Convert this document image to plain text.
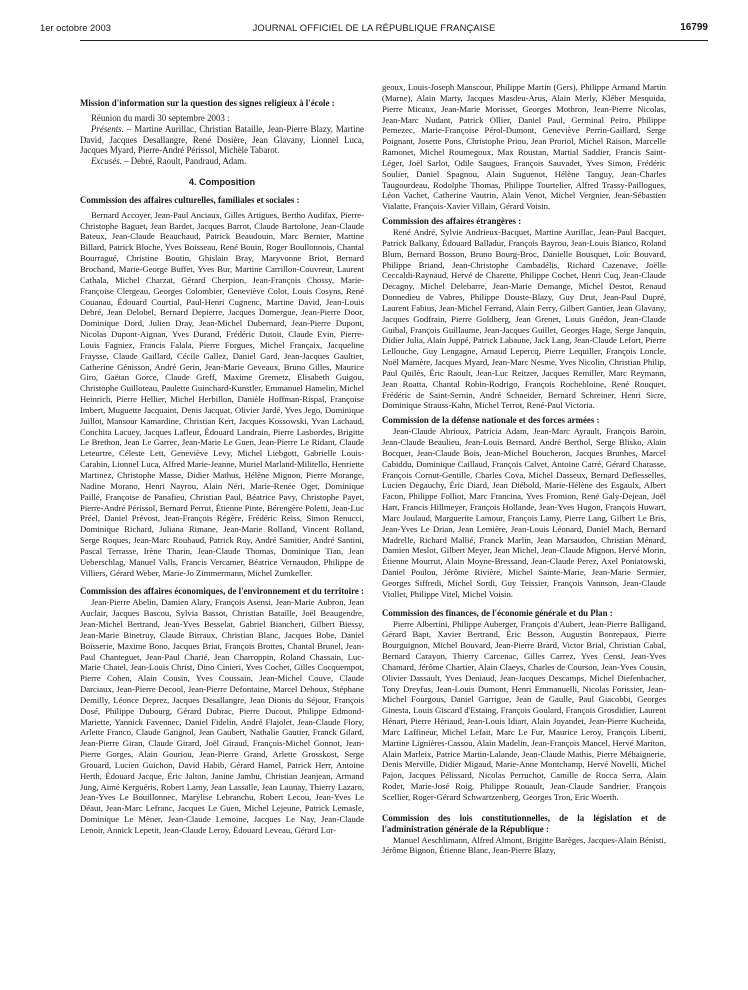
1er octobre 2003	JOURNAL OFFICIEL DE LA RÉPUBLIQUE FRANÇAISE	16799

Mission d'information sur la question des signes religieux à l'école :

Réunion du mardi 30 septembre 2003 :

Présents. – Martine Aurillac, Christian Bataille, Jean-Pierre Blazy, Martine David, Jacques Desallangre, René Dosière, Jean Glavany, Lionnel Luca, Jacques Myard, Pierre-André Périssol, Michèle Tabarot.

Excusés. – Debré, Raoult, Pandraud, Adam.

4. Composition

Commission des affaires culturelles, familiales et sociales :

Bernard Accoyer, Jean-Paul Anciaux, Gilles Artigues, Bertho Audifax, Pierre-Christophe Baguet, Jean Bardet, Jacques Barrot, Claude Bartolone, Jean-Claude Bateux, Jean-Claude Beauchaud, Patrick Beaudouin, Marc Bernier, Martine Billard, Patrick Bloche, Yves Boisseau, René Bouin, Roger Boullonnois, Chantal Bourragué, Christine Boutin, Ghislain Bray, Maryvonne Briot, Bernard Brochand, Marie-George Buffet, Yves Bur, Martine Carrillon-Couvreur, Laurent Cathala, Michel Charzat, Gérard Cherpion, Jean-François Chossy, Marie-Françoise Clergeau, Georges Colombier, Geneviève Colot, Louis Cosyns, René Couanau, Édouard Courtial, Paul-Henri Cugnenc, Martine David, Jean-Louis Debré, Jean Delobel, Bernard Depierre, Jacques Domergue, Jean-Pierre Door, Dominique Dord, Julien Dray, Jean-Michel Dubernard, Jean-Pierre Dupont, Nicolas Dupont-Aignan, Yves Durand, Frédéric Dutoit, Claude Evin, Pierre-Louis Fagniez, Francis Falala, Pierre Forgues, Michel Françaix, Jacqueline Fraysse, Claude Gaillard, Cécile Gallez, Daniel Gard, Jean-Jacques Gaultier, Catherine Génisson, André Gerin, Jean-Marie Geveaux, Bruno Gilles, Maurice Giro, Gaëtan Gorce, Claude Greff, Maxime Gremetz, Elisabeth Guigou, Christophe Guilloteau, Paulette Guinchard-Kunstler, Emmanuel Hamelin, Michel Heinrich, Pierre Hellier, Michel Herbillon, Danièle Hoffman-Rispal, Françoise Imbert, Muguette Jacquaint, Denis Jacquat, Olivier Jardé, Yves Jego, Dominique Juillot, Mansour Kamardine, Christian Kert, Jacques Kossowski, Yvan Lachaud, Conchita Lacuey, Jacques Lafleur, Édouard Landrain, Pierre Lasbordes, Brigitte Le Brethon, Jean Le Garrec, Jean-Marie Le Guen, Jean-Pierre Le Ridant, Claude Leteurtre, Céleste Lett, Geneviève Levy, Michel Liebgott, Gabrielle Louis-Carabin, Lionnel Luca, Alfred Marie-Jeanne, Muriel Marland-Militello, Henriette Martinez, Christophe Masse, Didier Mathus, Hélène Mignon, Pierre Morange, Nadine Morano, Henri Nayrou, Alain Néri, Marie-Renée Oget, Dominique Paillé, Françoise de Panafieu, Christian Paul, Béatrice Pavy, Christophe Payet, Pierre-André Périssol, Bernard Perrut, Étienne Pinte, Bérengère Poletti, Jean-Luc Préel, Daniel Prévost, Jean-François Régère, Frédéric Reiss, Simon Renucci, Dominique Richard, Juliana Rimane, Jean-Marie Rolland, Vincent Rolland, Serge Roques, Jean-Marc Roubaud, Patrick Roy, André Samitier, André Santini, Pascal Terrasse, Irène Tharin, Jean-Claude Thomas, Dominique Tian, Jean Ueberschlag, Manuel Valls, Francis Vercamer, Béatrice Vernaudon, Philippe de Villiers, Gérard Weber, Marie-Jo Zimmermann, Michel Zumkeller.

Commission des affaires économiques, de l'environnement et du territoire :

Jean-Pierre Abelin, Damien Alary, François Asensi, Jean-Marie Aubron, Jean Auclair, Jacques Bascou, Sylvia Bassot, Christian Bataille, Joël Beaugendre, Jean-Michel Bertrand, Jean-Yves Besselat, Gabriel Biancheri, Gilbert Biessy, Jean-Marie Binetruy, Claude Birraux, Christian Blanc, Jacques Bobe, Daniel Boisserie, Maxime Bono, Jacques Briat, François Brottes, Chantal Brunel, Jean-Paul Chanteguet, Jean-Paul Charié, Jean Charroppin, Roland Chassain, Luc-Marie Chatel, Jean-Louis Christ, Dino Cinieri, Yves Cochet, Gilles Cocquempot, Pierre Cohen, Alain Cousin, Yves Coussain, Jean-Michel Couve, Claude Darciaux, Jean-Pierre Decool, Jean-Pierre Defontaine, Marcel Dehoux, Stéphane Demilly, Léonce Deprez, Jacques Desallangre, Jean Dionis du Séjour, François Dosé, Philippe Dubourg, Gérard Dubrac, Pierre Ducout, Philippe Edmond-Mariette, Yannick Favennec, Daniel Fidelin, André Flajolet, Jean-Claude Flory, Arlette Franco, Claude Gatignol, Jean Gaubert, Nathalie Gautier, Franck Gilard, Jean-Pierre Giran, Claude Girard, Joël Giraud, François-Michel Gonnot, Jean-Pierre Gorges, Alain Gouriou, Jean-Pierre Grand, Arlette Grosskost, Serge Grouard, Lucien Guichon, David Habib, Gérard Hamel, Patrick Herr, Antoine Herth, Édouard Jacque, Éric Jalton, Janine Jambu, Christian Jeanjean, Armand Jung, Aimé Kerguéris, Robert Lamy, Jean Lassalle, Jean Launay, Thierry Lazaro, Jean-Yves Le Bouillonnec, Marylise Lebranchu, Robert Lecou, Jean-Yves Le Déaut, Jean-Marc Lefranc, Jacques Le Guen, Michel Lejeune, Patrick Lemasle, Dominique Le Mèner, Jean-Claude Lemoine, Jacques Le Nay, Jean-Claude Lenoir, Annick Lepetit, Jean-Claude Leroy, Édouard Leveau, Gérard Lor-

geoux, Louis-Joseph Manscour, Philippe Martin (Gers), Philippe Armand Martin (Marne), Alain Marty, Jacques Masdeu-Arus, Alain Merly, Kléber Mesquida, Pierre Micaux, Jean-Marie Morisset, Georges Mothron, Jean-Pierre Nicolas, Jean-Marc Nudant, Patrick Ollier, Daniel Paul, Germinal Peiro, Philippe Pemezec, Marie-Françoise Pérol-Dumont, Geneviève Perrin-Gaillard, Serge Poignant, Josette Pons, Christophe Priou, Jean Proriol, Michel Raison, Marcelle Ramonet, Michel Roumegoux, Max Roustan, Martial Saddier, Francis Saint-Léger, Joël Sarlot, Odile Saugues, François Sauvadet, Yves Simon, Frédéric Soulier, Daniel Spagnou, Alain Suguenot, Hélène Tanguy, Jean-Charles Taugourdeau, Rodolphe Thomas, Philippe Tourtelier, Alfred Trassy-Paillogues, Léon Vachet, Catherine Vautrin, Alain Venot, Michel Vergnier, Jean-Sébastien Vialatte, François-Xavier Villain, Gérard Voisin.

Commission des affaires étrangères :

René André, Sylvie Andrieux-Bacquet, Martine Aurillac, Jean-Paul Bacquet, Patrick Balkany, Édouard Balladur, François Bayrou, Jean-Louis Bianco, Roland Blum, Bernard Bosson, Bruno Bourg-Broc, Danielle Bousquet, Loïc Bouvard, Philippe Briand, Jean-Christophe Cambadélis, Richard Cazenave, Joëlle Ceccaldi-Raynaud, Hervé de Charette, Philippe Cochet, Henri Cuq, Jean-Claude Decagny, Michel Delebarre, Jean-Marie Demange, Michel Destot, Renaud Donnedieu de Vabres, Philippe Douste-Blazy, Guy Drut, Jean-Paul Dupré, Laurent Fabius, Jean-Michel Ferrand, Alain Ferry, Gilbert Gantier, Jean Glavany, Jacques Godfrain, Pierre Goldberg, Jean Grenet, Louis Guédon, Jean-Claude Guibal, François Guillaume, Jean-Jacques Guillet, Georges Hage, Serge Janquin, Didier Julia, Alain Juppé, Patrick Labaune, Jack Lang, Jean-Claude Lefort, Pierre Lellouche, Guy Lengagne, Arnaud Lepercq, Pierre Lequiller, François Loncle, Noël Mamère, Jacques Myard, Jean-Marc Nesme, Yves Nicolin, Christian Philip, Paul Quilès, Éric Raoult, Jean-Luc Reitzer, Jacques Remiller, Marc Reymann, Jean Roatta, Chantal Robin-Rodrigo, François Rochebloine, René Rouquet, Frédéric de Saint-Sernin, André Schneider, Bernard Schreiner, Henri Sicre, Dominique Strauss-Kahn, Michel Terrot, René-Paul Victoria.

Commission de la défense nationale et des forces armées :

Jean-Claude Abrioux, Patricia Adam, Jean-Marc Ayrault, François Baroin, Jean-Claude Beaulieu, Jean-Louis Bernard, André Berthol, Serge Blisko, Alain Bocquet, Jean-Claude Bois, Jean-Michel Boucheron, Jacques Brunhes, Marcel Cabiddu, Dominique Caillaud, François Calvet, Antoine Carré, Gérard Charasse, François Cornut-Gentille, Charles Cova, Michel Dasseux, Bernard Deflesselles, Lucien Degauchy, Éric Diard, Jean Diébold, Marie-Hélène des Esgaulx, Albert Facon, Philippe Folliot, Marc Francina, Yves Fromion, René Galy-Dejean, Joël Hart, Francis Hillmeyer, François Hollande, Jean-Yves Hugon, François Huwart, Marc Joulaud, Marguerite Lamour, François Lamy, Pierre Lang, Gilbert Le Bris, Jean-Yves Le Drian, Jean Lemière, Jean-Louis Léonard, Daniel Mach, Bernard Madrelle, Richard Mallié, Franck Marlin, Jean Marsaudon, Christian Ménard, Damien Meslot, Gilbert Meyer, Jean Michel, Jean-Claude Mignon, Hervé Morin, Étienne Mourrut, Alain Moyne-Bressand, Jean-Claude Perez, Axel Poniatowski, Daniel Poulou, Jérôme Rivière, Michel Sainte-Marie, Jean-Marie Sermier, Georges Siffredi, Michel Sordi, Guy Teissier, François Vannson, Jean-Claude Viollet, Philippe Vitel, Michel Voisin.

Commission des finances, de l'économie générale et du Plan :

Pierre Albertini, Philippe Auberger, François d'Aubert, Jean-Pierre Balligand, Gérard Bapt, Xavier Bertrand, Éric Besson, Augustin Bonrepaux, Pierre Bourguignon, Michel Bouvard, Jean-Pierre Brard, Victor Brial, Christian Cabal, Bernard Carayon, Thierry Carcenac, Gilles Carrez, Yves Censi, Jean-Yves Chamard, Jérôme Chartier, Alain Claeys, Charles de Courson, Jean-Yves Cousin, Olivier Dassault, Yves Deniaud, Jean-Jacques Descamps, Michel Diefenbacher, Tony Dreyfus, Jean-Louis Dumont, Henri Emmanuelli, Nicolas Forissier, Jean-Michel Fourgous, Daniel Garrigue, Jean de Gaulle, Paul Giacobbi, Georges Ginesta, Louis Giscard d'Estaing, François Goulard, François Grosdidier, Laurent Hénart, Pierre Hériaud, Jean-Louis Idiart, Alain Joyandet, Jean-Pierre Kucheida, Marc Laffineur, Michel Lefait, Marc Le Fur, Maurice Leroy, François Liberti, Martine Lignières-Cassou, Alain Madelin, Jean-François Mancel, Hervé Mariton, Alain Marleix, Patrice Martin-Lalande, Jean-Claude Mathis, Pierre Méhaignerie, Denis Merville, Didier Migaud, Marie-Anne Montchamp, Hervé Novelli, Michel Pajon, Jacques Pélissard, Nicolas Perruchot, Camille de Rocca Serra, Alain Rodet, Marie-José Roig, Philippe Rouault, Jean-Claude Sandrier, François Scellier, Roger-Gérard Schwartzenberg, Georges Tron, Eric Woerth.

Commission des lois constitutionnelles, de la législation et de l'administration générale de la République :

Manuel Aeschlimann, Alfred Almont, Brigitte Barèges, Jacques-Alain Bénisti, Jérôme Bignon, Étienne Blanc, Jean-Pierre Blazy,
